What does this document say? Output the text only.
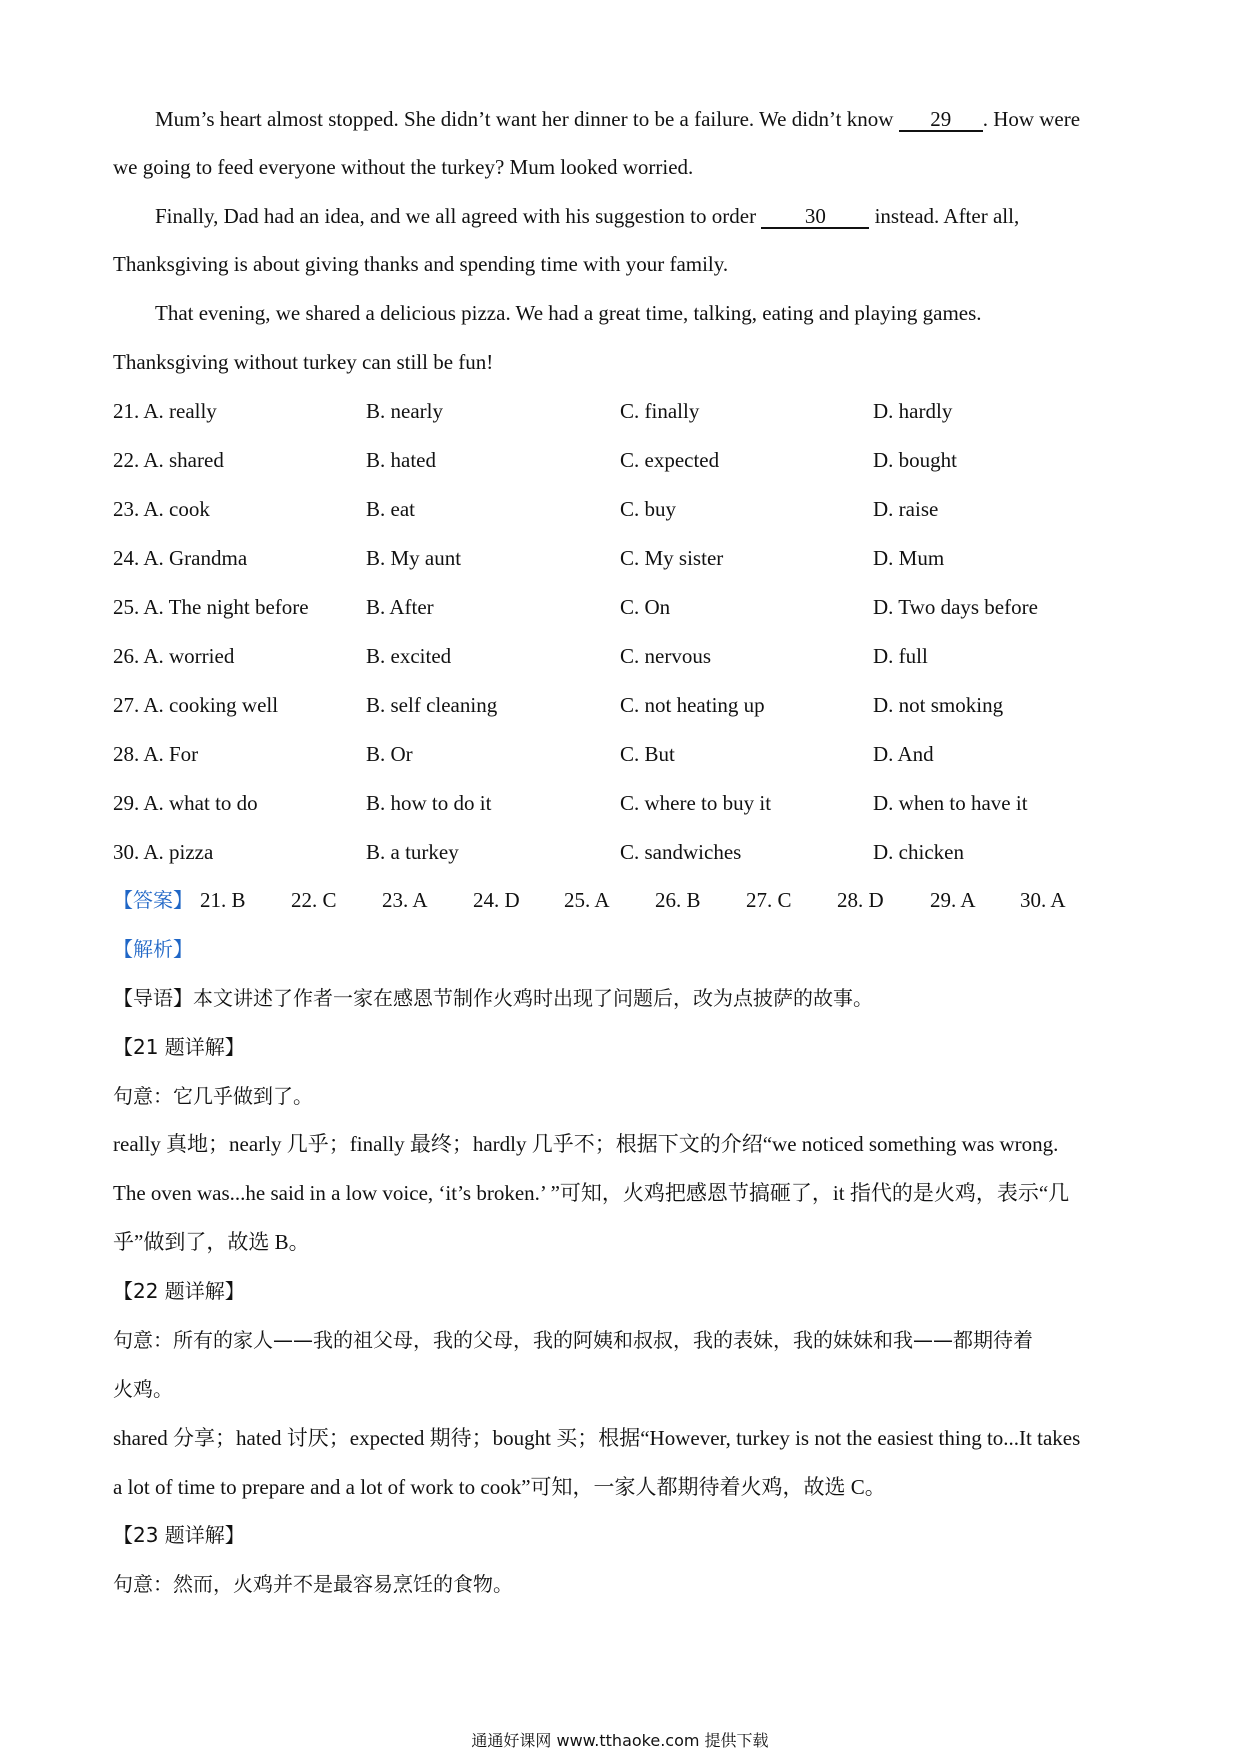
Mum’s heart almost stopped. She didn’t want her dinner to be a failure. We didn’t know 29 . How were
we going to feed everyone without the turkey? Mum looked worried.
Finally, Dad had an idea, and we all agreed with his suggestion to order 30 instead. After all,
Thanksgiving is about giving thanks and spending time with your family.
That evening, we shared a delicious pizza. We had a great time, talking, eating and playing games.
Thanksgiving without turkey can still be fun!
21. A. really	B. nearly	C. finally	D. hardly
22. A. shared	B. hated	C. expected	D. bought
23. A. cook	B. eat	C. buy	D. raise
24. A. Grandma	B. My aunt	C. My sister	D. Mum
25. A. The night before	B. After	C. On	D. Two days before
26. A. worried	B. excited	C. nervous	D. full
27. A. cooking well	B. self cleaning	C. not heating up	D. not smoking
28. A. For	B. Or	C. But	D. And
29. A. what to do	B. how to do it	C. where to buy it	D. when to have it
30. A. pizza	B. a turkey	C. sandwiches	D. chicken
【答案】 21. B 22. C 23. A 24. D 25. A 26. B 27. C 28. D 29. A 30. A
【解析】
【导语】本文讲述了作者一家在感恩节制作火鸡时出现了问题后，改为点披萨的故事。
【21 题详解】
句意：它几乎做到了。
really 真地；nearly 几乎；finally 最终；hardly 几乎不；根据下文的介绍“we noticed something was wrong.
The oven was...he said in a low voice, ‘it’s broken.’ ”可知，火鸡把感恩节搞砸了，it 指代的是火鸡，表示“几
乎”做到了，故选 B。
【22 题详解】
句意：所有的家人——我的祖父母，我的父母，我的阿姨和叔叔，我的表妹，我的妹妹和我——都期待着
火鸡。
shared 分享；hated 讨厌；expected 期待；bought 买；根据“However, turkey is not the easiest thing to...It takes
a lot of time to prepare and a lot of work to cook”可知，一家人都期待着火鸡，故选 C。
【23 题详解】
句意：然而，火鸡并不是最容易烹饪的食物。
通通好课网 www.tthaoke.com 提供下载
